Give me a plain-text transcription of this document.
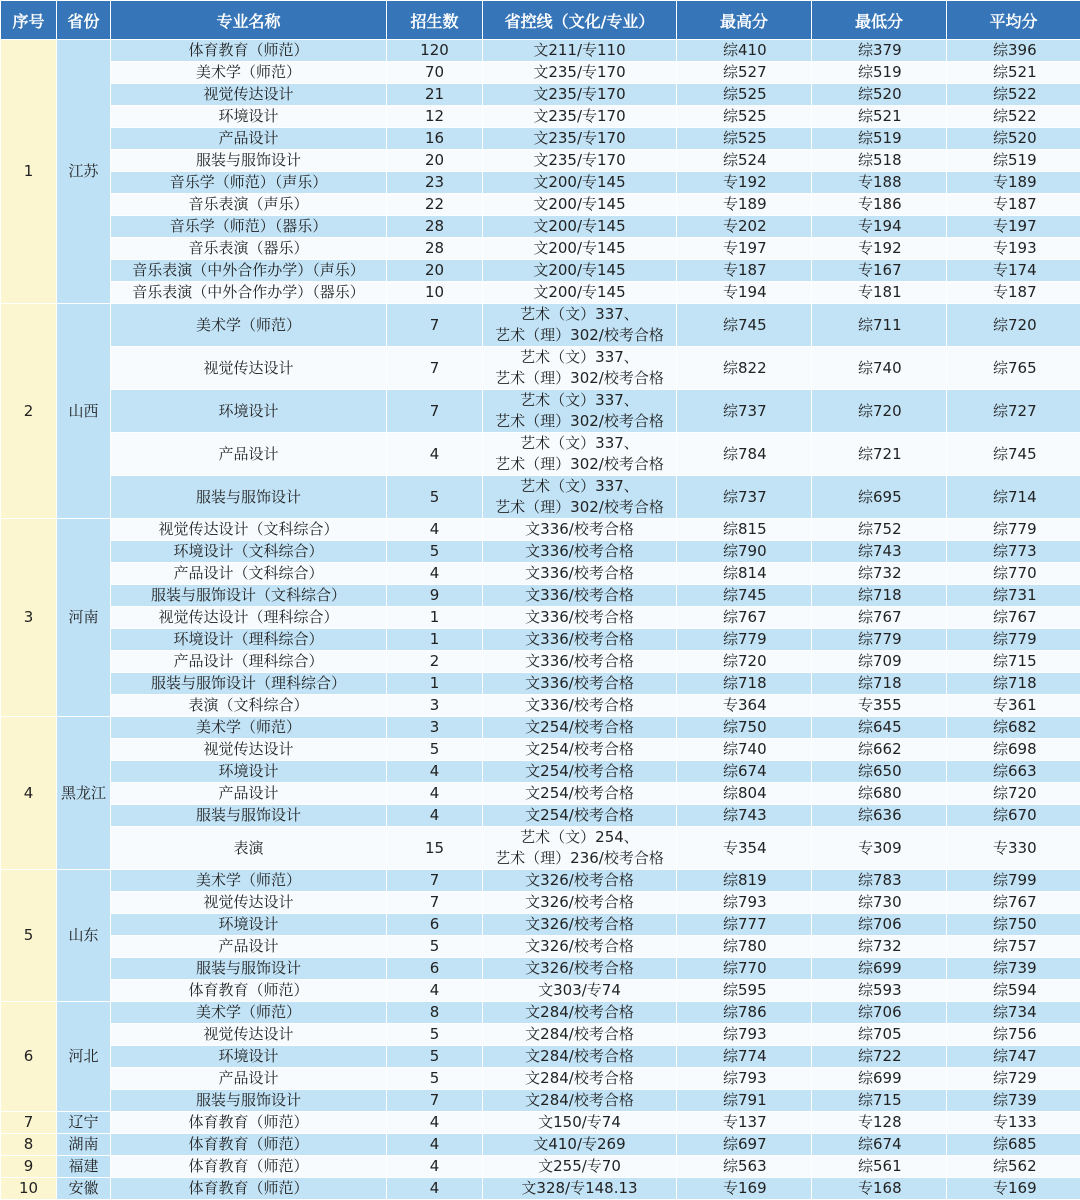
序号	省份	专业名称	招生数	省控线（文化/专业）	最高分	最低分	平均分
1	江苏	体育教育（师范）	120	文211/专110	综410	综379	综396
		美术学（师范）	70	文235/专170	综527	综519	综521
		视觉传达设计	21	文235/专170	综525	综520	综522
		环境设计	12	文235/专170	综525	综521	综522
		产品设计	16	文235/专170	综525	综519	综520
		服装与服饰设计	20	文235/专170	综524	综518	综519
		音乐学（师范）（声乐）	23	文200/专145	专192	专188	专189
		音乐表演（声乐）	22	文200/专145	专189	专186	专187
		音乐学（师范）（器乐）	28	文200/专145	专202	专194	专197
		音乐表演（器乐）	28	文200/专145	专197	专192	专193
		音乐表演（中外合作办学）（声乐）	20	文200/专145	专187	专167	专174
		音乐表演（中外合作办学）（器乐）	10	文200/专145	专194	专181	专187
2	山西	美术学（师范）	7	艺术（文）337、
艺术（理）302/校考合格	综745	综711	综720
		视觉传达设计	7	艺术（文）337、
艺术（理）302/校考合格	综822	综740	综765
		环境设计	7	艺术（文）337、
艺术（理）302/校考合格	综737	综720	综727
		产品设计	4	艺术（文）337、
艺术（理）302/校考合格	综784	综721	综745
		服装与服饰设计	5	艺术（文）337、
艺术（理）302/校考合格	综737	综695	综714
3	河南	视觉传达设计（文科综合）	4	文336/校考合格	综815	综752	综779
		环境设计（文科综合）	5	文336/校考合格	综790	综743	综773
		产品设计（文科综合）	4	文336/校考合格	综814	综732	综770
		服装与服饰设计（文科综合）	9	文336/校考合格	综745	综718	综731
		视觉传达设计（理科综合）	1	文336/校考合格	综767	综767	综767
		环境设计（理科综合）	1	文336/校考合格	综779	综779	综779
		产品设计（理科综合）	2	文336/校考合格	综720	综709	综715
		服装与服饰设计（理科综合）	1	文336/校考合格	综718	综718	综718
		表演（文科综合）	3	文336/校考合格	专364	专355	专361
4	黑龙江	美术学（师范）	3	文254/校考合格	综750	综645	综682
		视觉传达设计	5	文254/校考合格	综740	综662	综698
		环境设计	4	文254/校考合格	综674	综650	综663
		产品设计	4	文254/校考合格	综804	综680	综720
		服装与服饰设计	4	文254/校考合格	综743	综636	综670
		表演	15	艺术（文）254、
艺术（理）236/校考合格	专354	专309	专330
5	山东	美术学（师范）	7	文326/校考合格	综819	综783	综799
		视觉传达设计	7	文326/校考合格	综793	综730	综767
		环境设计	6	文326/校考合格	综777	综706	综750
		产品设计	5	文326/校考合格	综780	综732	综757
		服装与服饰设计	6	文326/校考合格	综770	综699	综739
		体育教育（师范）	4	文303/专74	综595	综593	综594
6	河北	美术学（师范）	8	文284/校考合格	综786	综706	综734
		视觉传达设计	5	文284/校考合格	综793	综705	综756
		环境设计	5	文284/校考合格	综774	综722	综747
		产品设计	5	文284/校考合格	综793	综699	综729
		服装与服饰设计	7	文284/校考合格	综791	综715	综739
7	辽宁	体育教育（师范）	4	文150/专74	专137	专128	专133
8	湖南	体育教育（师范）	4	文410/专269	综697	综674	综685
9	福建	体育教育（师范）	4	文255/专70	综563	综561	综562
10	安徽	体育教育（师范）	4	文328/专148.13	专169	专168	专169
